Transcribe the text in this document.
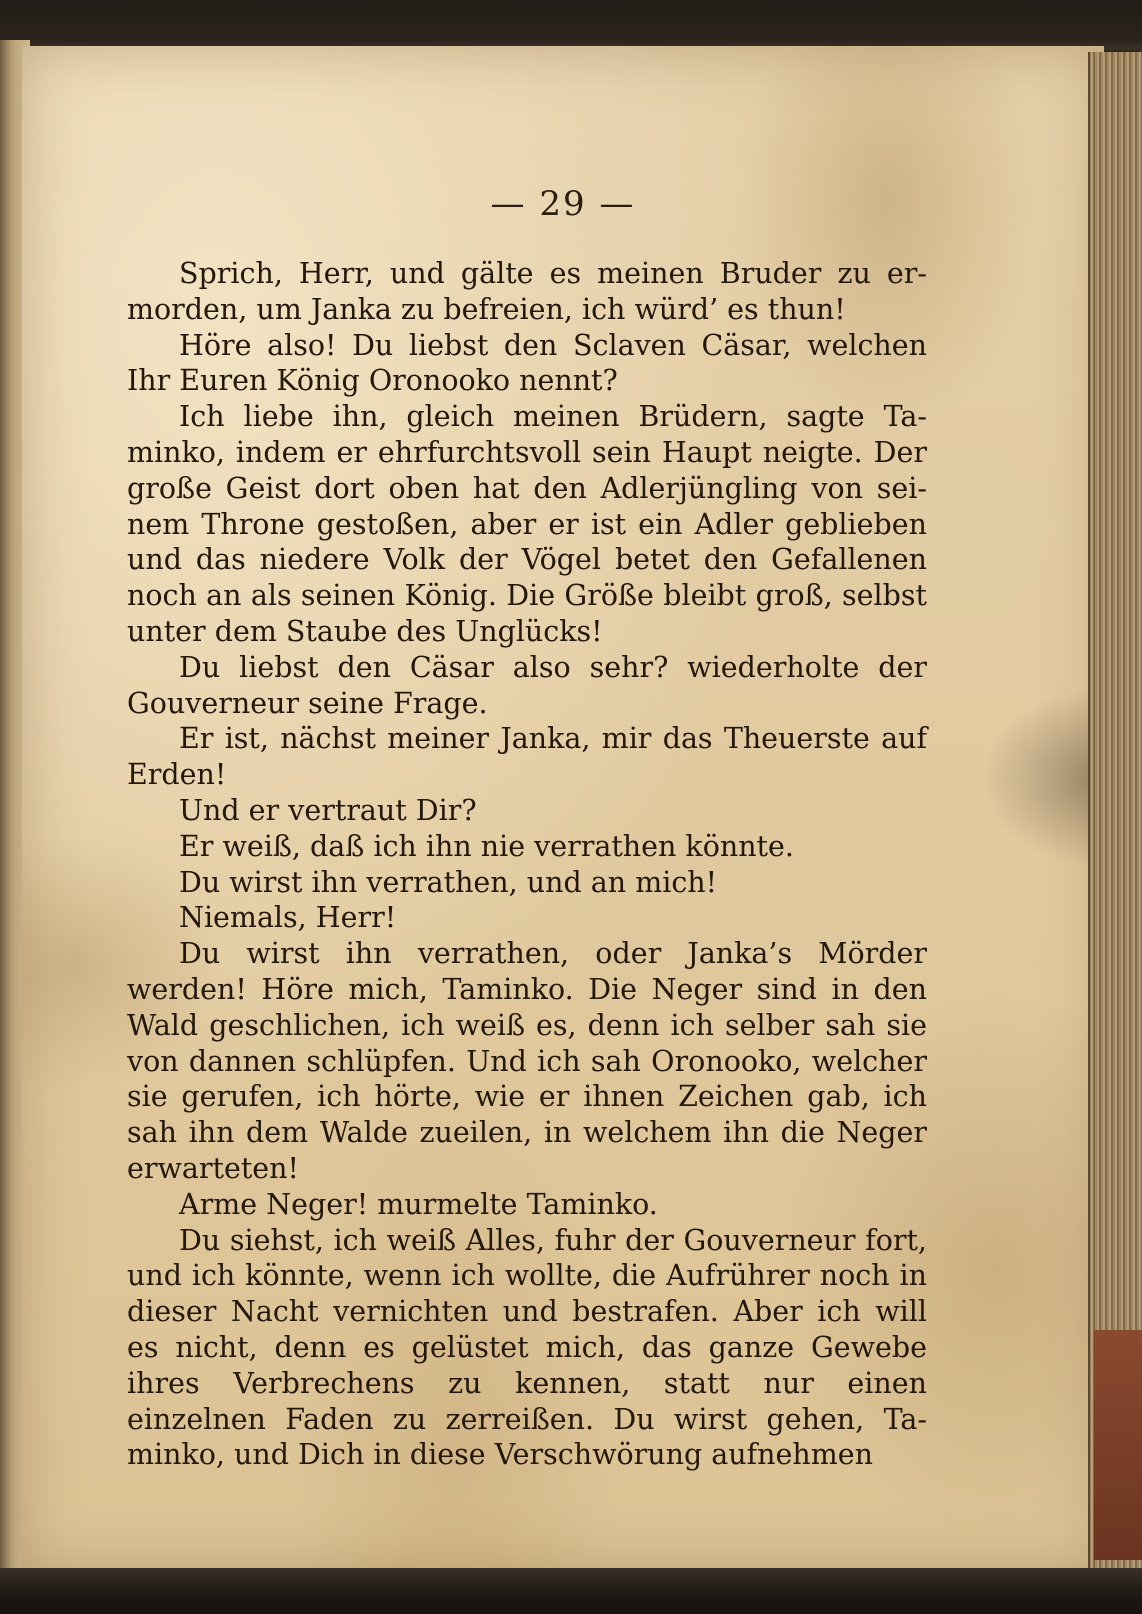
— 29 —

Sprich, Herr, und gälte es meinen Bruder zu er-morden, um Janka zu befreien, ich würd’ es thun!

Höre also! Du liebst den Sclaven Cäsar, welchen Ihr Euren König Oronooko nennt?

Ich liebe ihn, gleich meinen Brüdern, sagte Ta-minko, indem er ehrfurchtsvoll sein Haupt neigte. Der große Geist dort oben hat den Adlerjüngling von sei-nem Throne gestoßen, aber er ist ein Adler geblieben und das niedere Volk der Vögel betet den Gefallenen noch an als seinen König. Die Größe bleibt groß, selbst unter dem Staube des Unglücks!

Du liebst den Cäsar also sehr? wiederholte der Gouverneur seine Frage.

Er ist, nächst meiner Janka, mir das Theuerste auf Erden!

Und er vertraut Dir?

Er weiß, daß ich ihn nie verrathen könnte.

Du wirst ihn verrathen, und an mich!

Niemals, Herr!

Du wirst ihn verrathen, oder Janka’s Mörder werden! Höre mich, Taminko. Die Neger sind in den Wald geschlichen, ich weiß es, denn ich selber sah sie von dannen schlüpfen. Und ich sah Oronooko, welcher sie gerufen, ich hörte, wie er ihnen Zeichen gab, ich sah ihn dem Walde zueilen, in welchem ihn die Neger erwarteten!

Arme Neger! murmelte Taminko.

Du siehst, ich weiß Alles, fuhr der Gouverneur fort, und ich könnte, wenn ich wollte, die Aufrührer noch in dieser Nacht vernichten und bestrafen. Aber ich will es nicht, denn es gelüstet mich, das ganze Gewebe ihres Verbrechens zu kennen, statt nur einen einzelnen Faden zu zerreißen. Du wirst gehen, Ta-minko, und Dich in diese Verschwörung aufnehmen
